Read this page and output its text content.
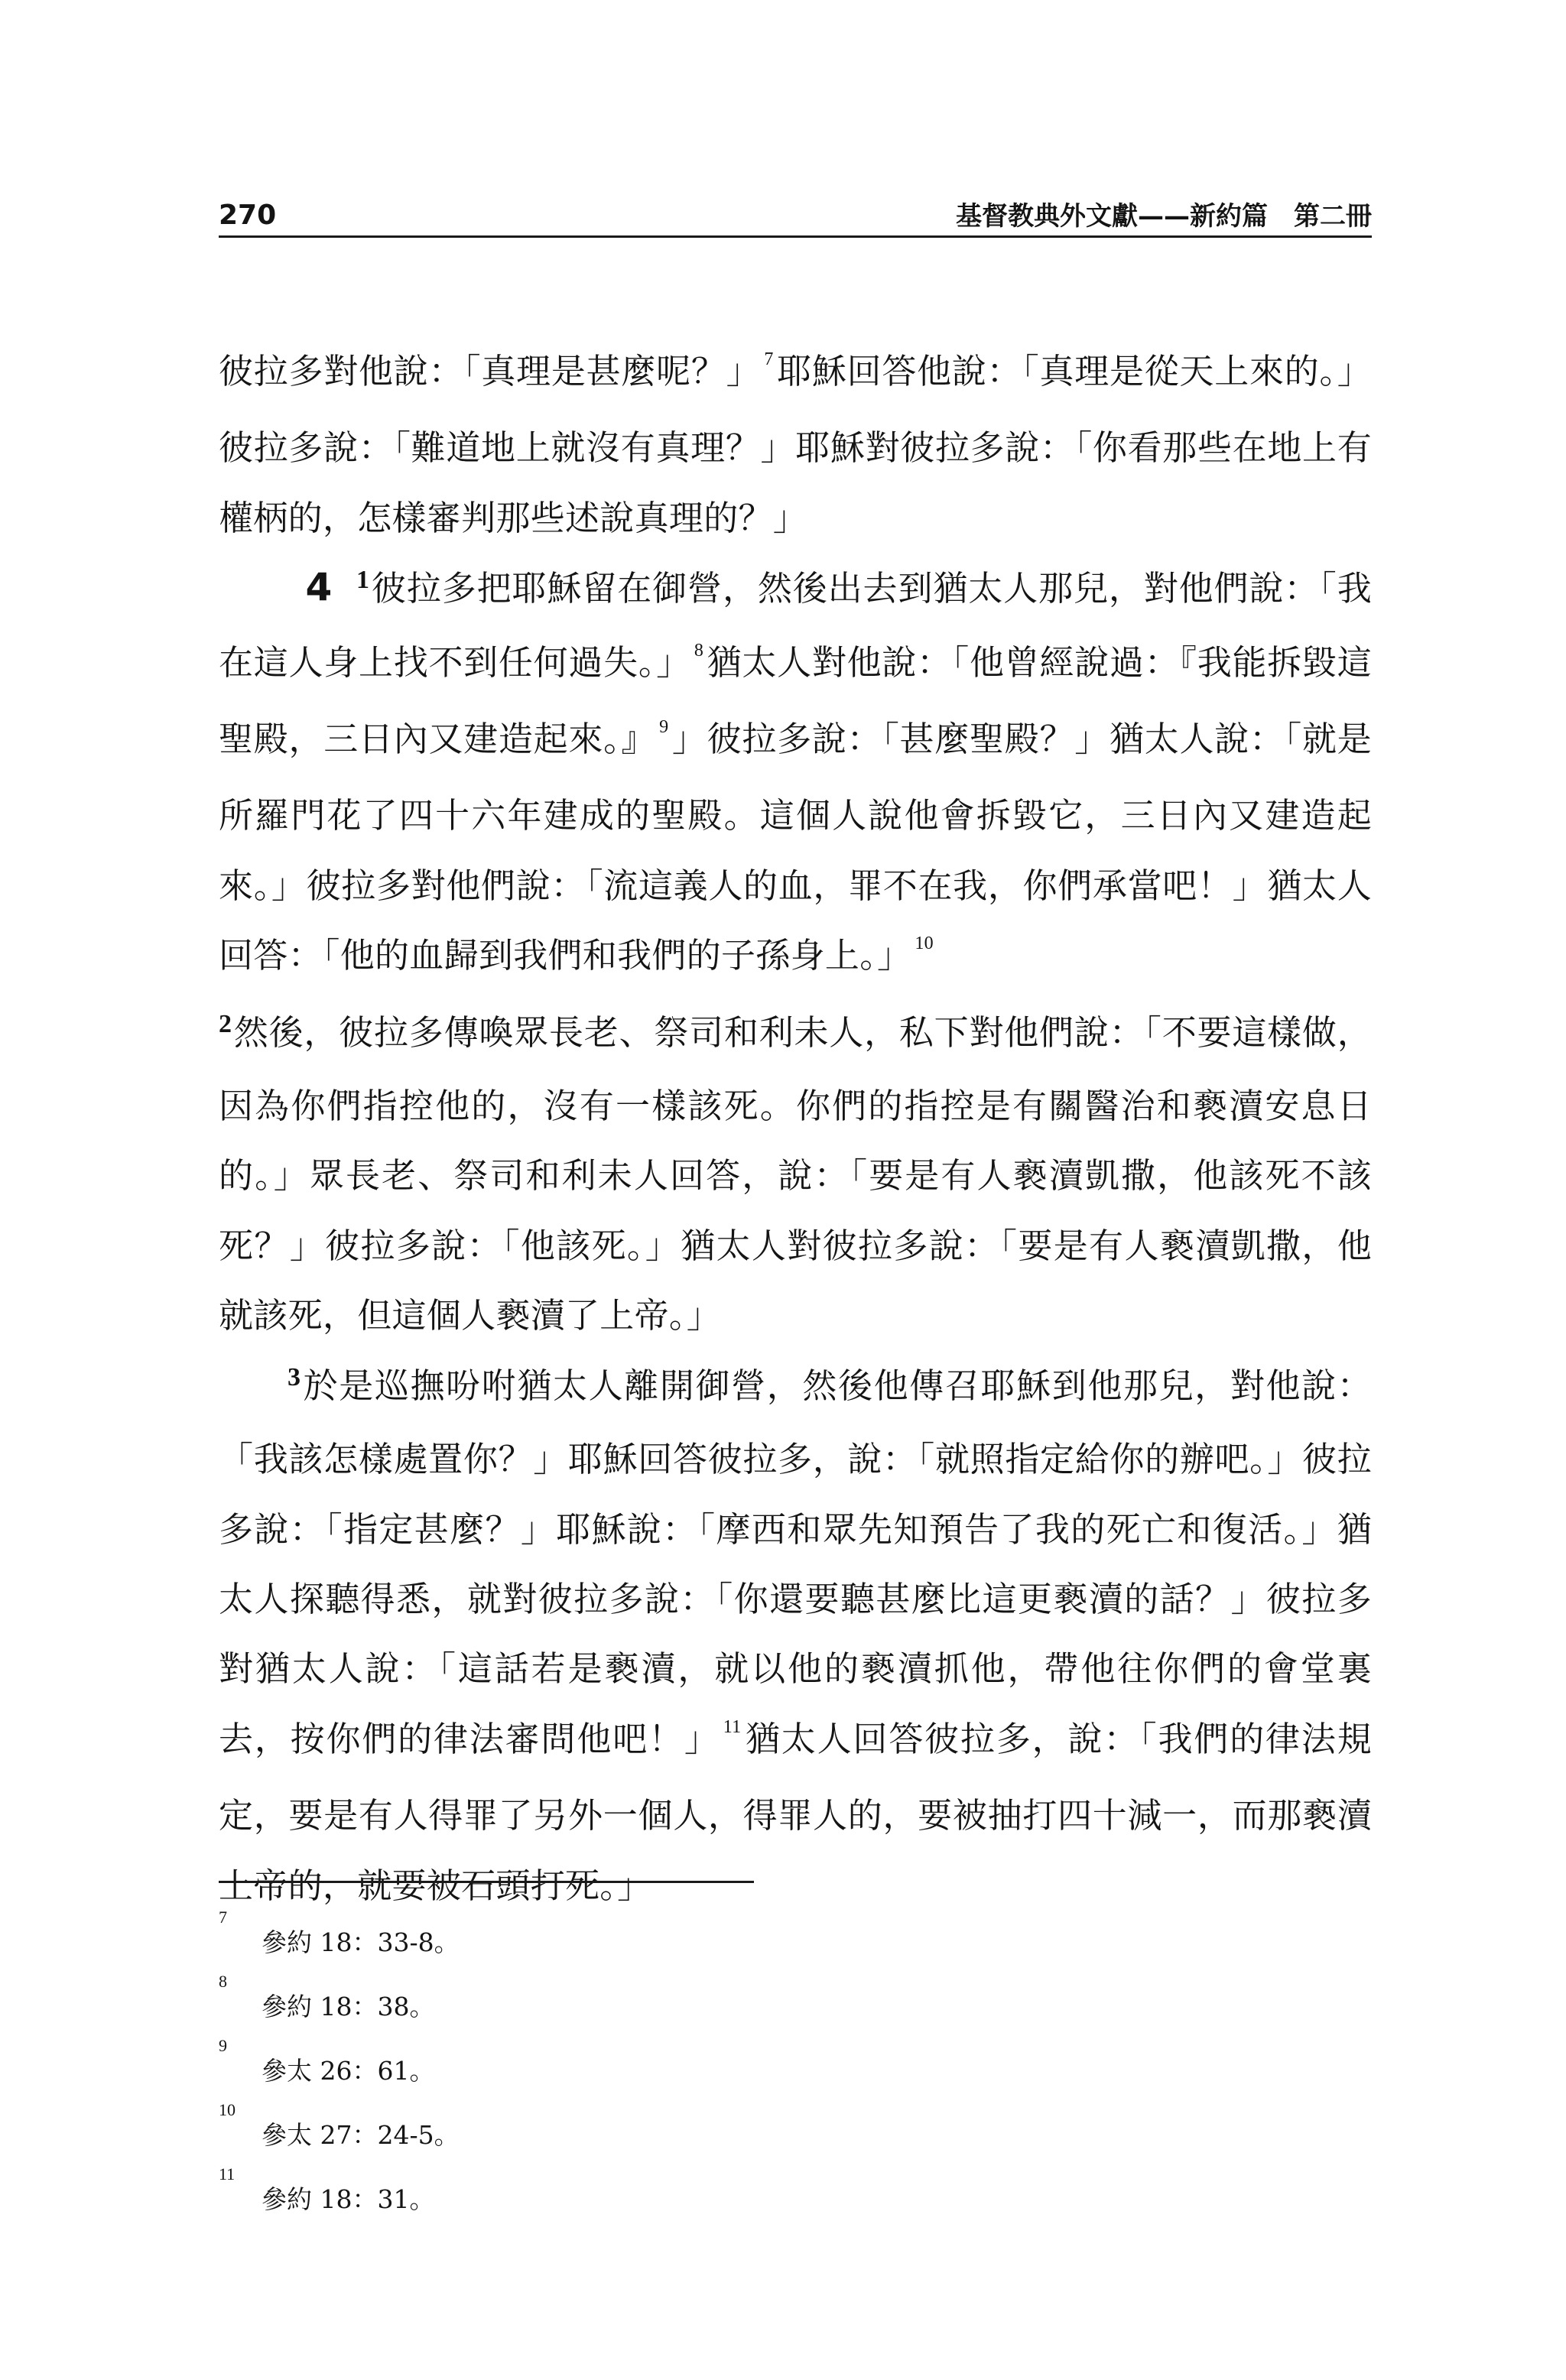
270	基督教典外文獻——新約篇　第二冊

彼拉多對他說：「真理是甚麼呢？」 $^7$耶穌回答他說：「真理是從天上來的。」彼拉多說：「難道地上就沒有真理？」耶穌對彼拉多說：「你看那些在地上有權柄的，怎樣審判那些述說真理的？」

4 $^1$彼拉多把耶穌留在御營，然後出去到猶太人那兒，對他們說：「我在這人身上找不到任何過失。」 $^8$猶太人對他說：「他曾經說過：『我能拆毀這聖殿，三日內又建造起來。』 $^9$」彼拉多說：「甚麼聖殿？」猶太人說：「就是所羅門花了四十六年建成的聖殿。這個人說他會拆毀它，三日內又建造起來。」彼拉多對他們說：「流這義人的血，罪不在我，你們承當吧！」猶太人回答：「他的血歸到我們和我們的子孫身上。」 $^{10}$

$^2$然後，彼拉多傳喚眾長老、祭司和利未人，私下對他們說：「不要這樣做，因為你們指控他的，沒有一樣該死。你們的指控是有關醫治和褻瀆安息日的。」眾長老、祭司和利未人回答，說：「要是有人褻瀆凱撒，他該死不該死？」彼拉多說：「他該死。」猶太人對彼拉多說：「要是有人褻瀆凱撒，他就該死，但這個人褻瀆了上帝。」

$^3$於是巡撫吩咐猶太人離開御營，然後他傳召耶穌到他那兒，對他說：「我該怎樣處置你？」耶穌回答彼拉多，說：「就照指定給你的辦吧。」彼拉多說：「指定甚麼？」耶穌說：「摩西和眾先知預告了我的死亡和復活。」猶太人探聽得悉，就對彼拉多說：「你還要聽甚麼比這更褻瀆的話？」彼拉多對猶太人說：「這話若是褻瀆，就以他的褻瀆抓他，帶他往你們的會堂裏去，按你們的律法審問他吧！」 $^{11}$猶太人回答彼拉多，說：「我們的律法規定，要是有人得罪了另外一個人，得罪人的，要被抽打四十減一，而那褻瀆上帝的，就要被石頭打死。」

7
參約 18：33-8。
8
參約 18：38。
9
參太 26：61。
10
參太 27：24-5。
11
參約 18：31。
